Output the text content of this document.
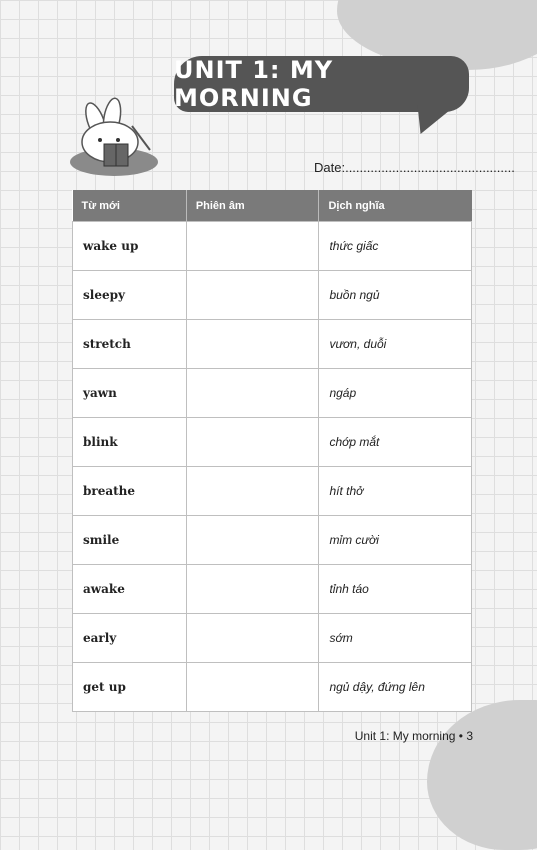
UNIT 1: MY MORNING
Date:...............................................
Từ mới	Phiên âm	Dịch nghĩa
wake up		thức giấc
sleepy		buồn ngủ
stretch		vươn, duỗi
yawn		ngáp
blink		chớp mắt
breathe		hít thở
smile		mỉm cười
awake		tỉnh táo
early		sớm
get up		ngủ dậy, đứng lên
Unit 1: My morning • 3
